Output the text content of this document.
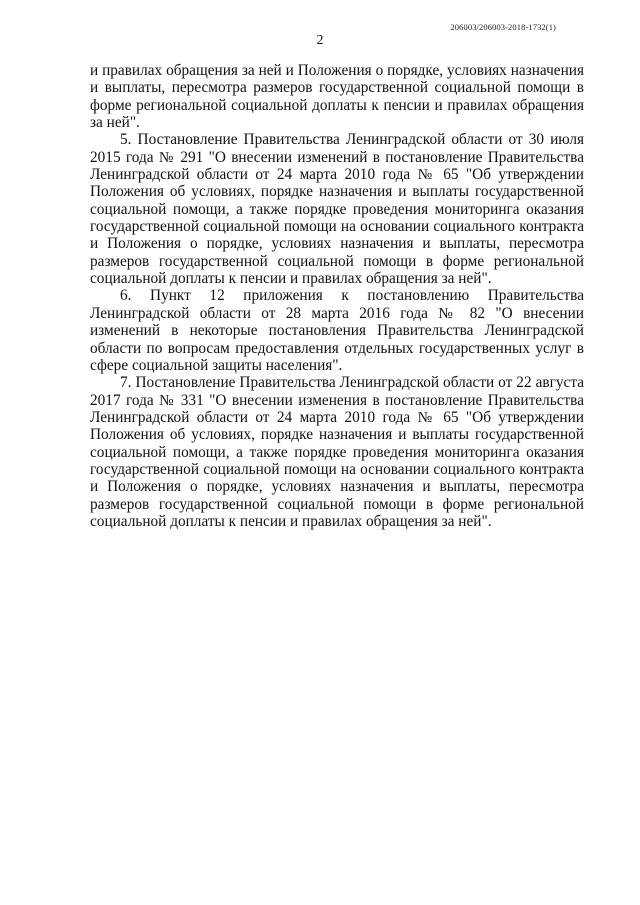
206003/206003-2018-1732(1)
2

и правилах обращения за ней и Положения о порядке, условиях назначения и выплаты, пересмотра размеров государственной социальной помощи в форме региональной социальной доплаты к пенсии и правилах обращения за ней".

5. Постановление Правительства Ленинградской области от 30 июля 2015 года № 291 "О внесении изменений в постановление Правительства Ленинградской области от 24 марта 2010 года № 65 "Об утверждении Положения об условиях, порядке назначения и выплаты государственной социальной помощи, а также порядке проведения мониторинга оказания государственной социальной помощи на основании социального контракта и Положения о порядке, условиях назначения и выплаты, пересмотра размеров государственной социальной помощи в форме региональной социальной доплаты к пенсии и правилах обращения за ней".

6. Пункт 12 приложения к постановлению Правительства Ленинградской области от 28 марта 2016 года № 82 "О внесении изменений в некоторые постановления Правительства Ленинградской области по вопросам предоставления отдельных государственных услуг в сфере социальной защиты населения".

7. Постановление Правительства Ленинградской области от 22 августа 2017 года № 331 "О внесении изменения в постановление Правительства Ленинградской области от 24 марта 2010 года № 65 "Об утверждении Положения об условиях, порядке назначения и выплаты государственной социальной помощи, а также порядке проведения мониторинга оказания государственной социальной помощи на основании социального контракта и Положения о порядке, условиях назначения и выплаты, пересмотра размеров государственной социальной помощи в форме региональной социальной доплаты к пенсии и правилах обращения за ней".
